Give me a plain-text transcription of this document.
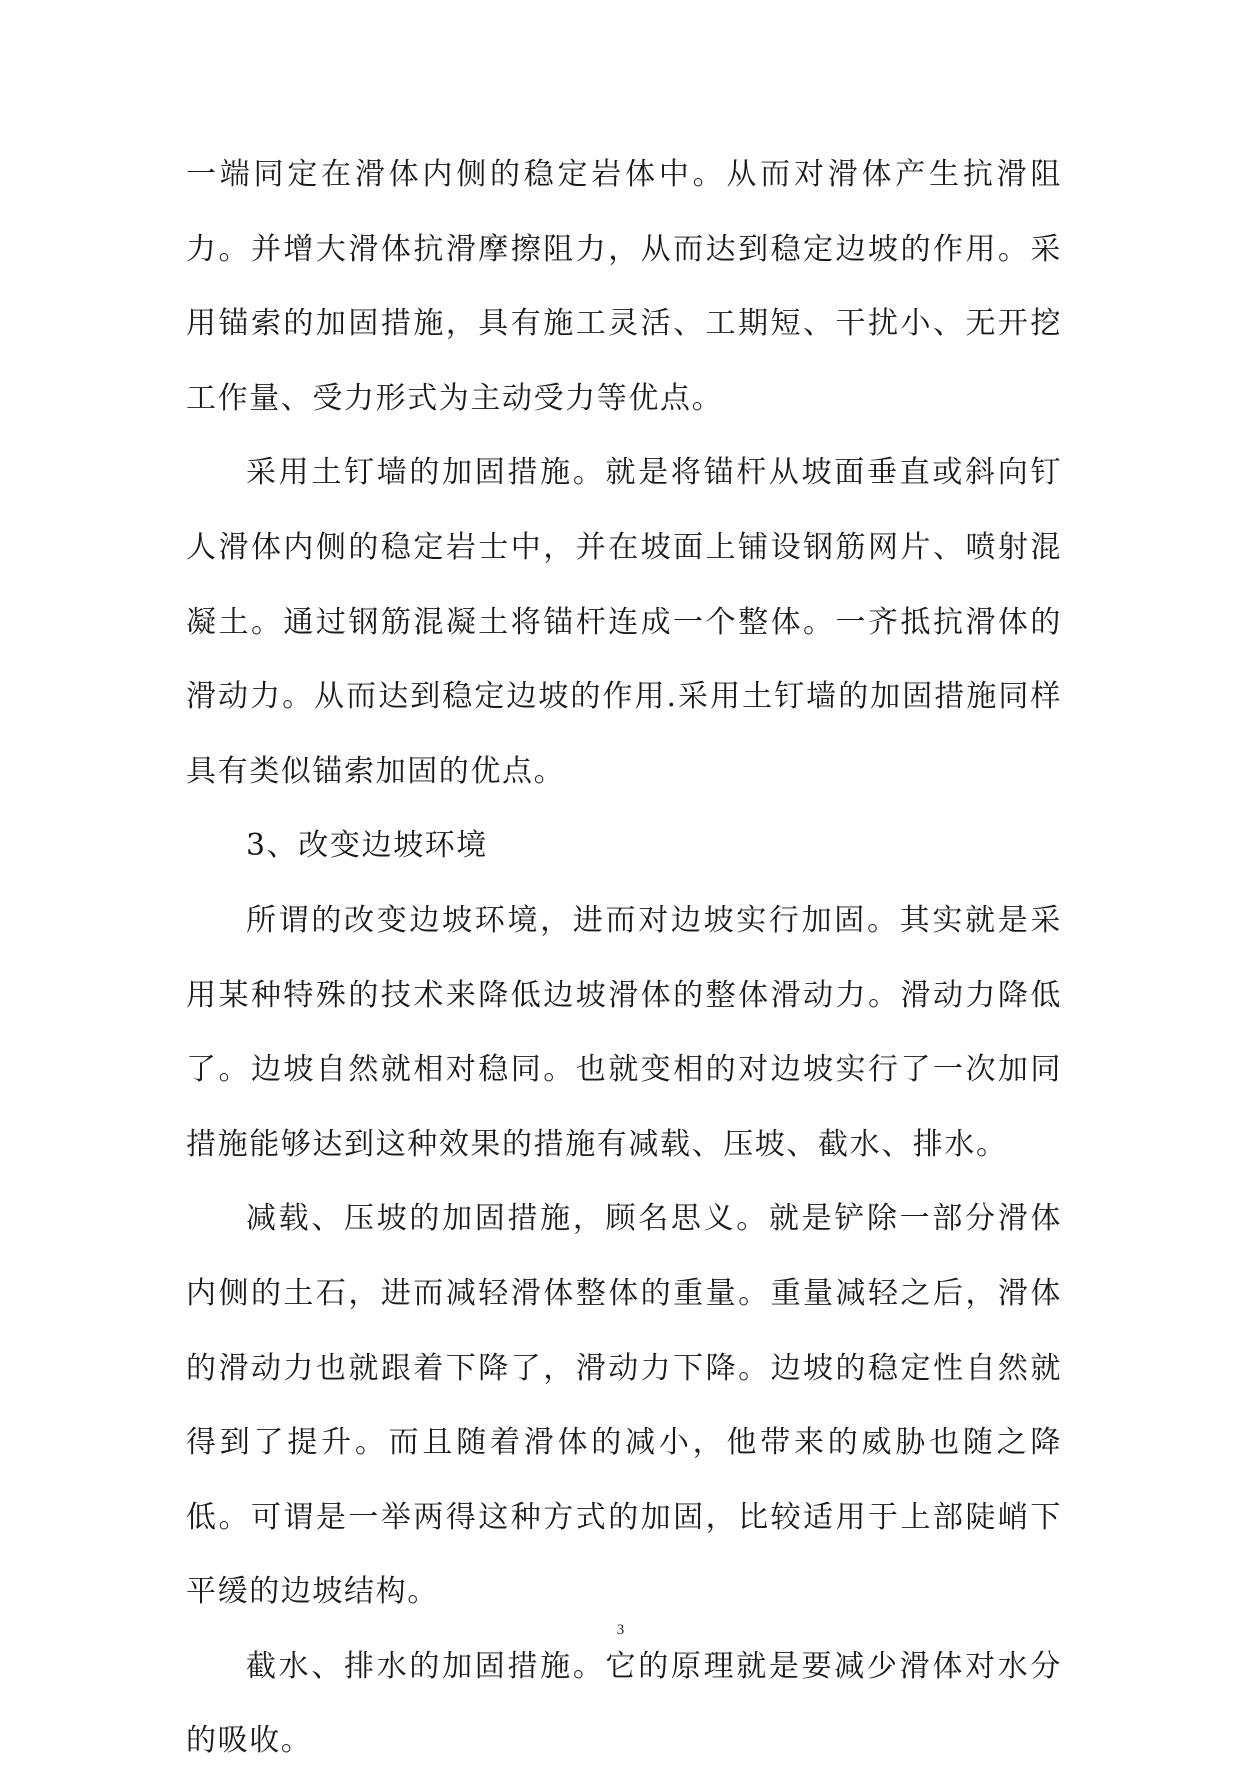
一端同定在滑体内侧的稳定岩体中。从而对滑体产生抗滑阻力。并增大滑体抗滑摩擦阻力，从而达到稳定边坡的作用。采用锚索的加固措施，具有施工灵活、工期短、干扰小、无开挖工作量、受力形式为主动受力等优点。

采用土钉墙的加固措施。就是将锚杆从坡面垂直或斜向钉人滑体内侧的稳定岩士中，并在坡面上铺设钢筋网片、喷射混凝土。通过钢筋混凝土将锚杆连成一个整体。一齐抵抗滑体的滑动力。从而达到稳定边坡的作用.采用土钉墙的加固措施同样具有类似锚索加固的优点。

3、改变边坡环境

所谓的改变边坡环境，进而对边坡实行加固。其实就是采用某种特殊的技术来降低边坡滑体的整体滑动力。滑动力降低了。边坡自然就相对稳同。也就变相的对边坡实行了一次加同措施能够达到这种效果的措施有减载、压坡、截水、排水。

减载、压坡的加固措施，顾名思义。就是铲除一部分滑体内侧的土石，进而减轻滑体整体的重量。重量减轻之后，滑体的滑动力也就跟着下降了，滑动力下降。边坡的稳定性自然就得到了提升。而且随着滑体的减小，他带来的威胁也随之降低。可谓是一举两得这种方式的加固，比较适用于上部陡峭下平缓的边坡结构。

截水、排水的加固措施。它的原理就是要减少滑体对水分的吸收。

3
